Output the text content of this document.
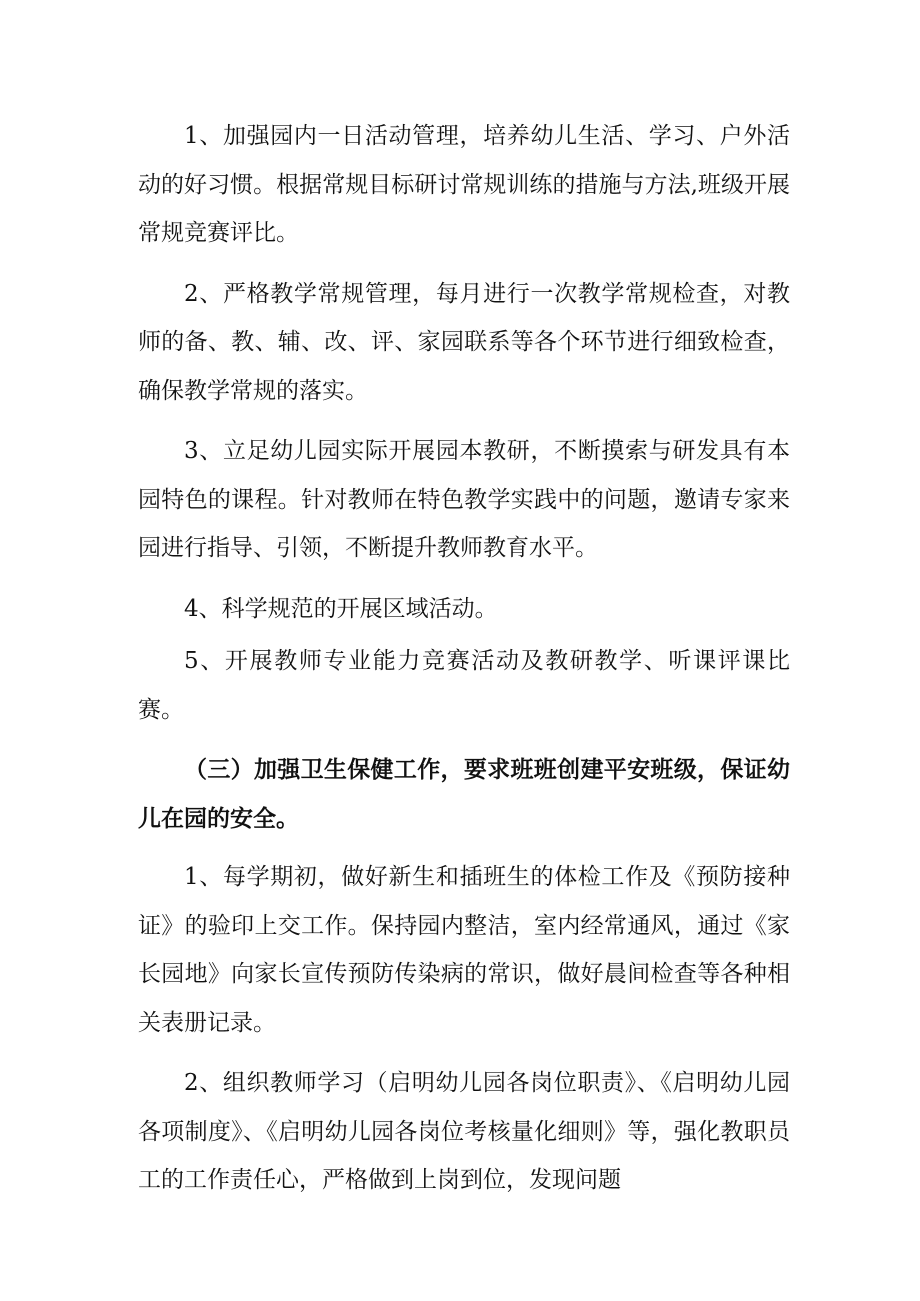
1、加强园内一日活动管理，培养幼儿生活、学习、户外活动的好习惯。根据常规目标研讨常规训练的措施与方法,班级开展常规竞赛评比。

2、严格教学常规管理，每月进行一次教学常规检查，对教师的备、教、辅、改、评、家园联系等各个环节进行细致检查，确保教学常规的落实。

3、立足幼儿园实际开展园本教研，不断摸索与研发具有本园特色的课程。针对教师在特色教学实践中的问题，邀请专家来园进行指导、引领，不断提升教师教育水平。

4、科学规范的开展区域活动。

5、开展教师专业能力竞赛活动及教研教学、听课评课比赛。

（三）加强卫生保健工作，要求班班创建平安班级，保证幼儿在园的安全。

1、每学期初，做好新生和插班生的体检工作及《预防接种证》的验印上交工作。保持园内整洁，室内经常通风，通过《家长园地》向家长宣传预防传染病的常识，做好晨间检查等各种相关表册记录。

2、组织教师学习（启明幼儿园各岗位职责》、《启明幼儿园各项制度》、《启明幼儿园各岗位考核量化细则》等，强化教职员工的工作责任心，严格做到上岗到位，发现问题
